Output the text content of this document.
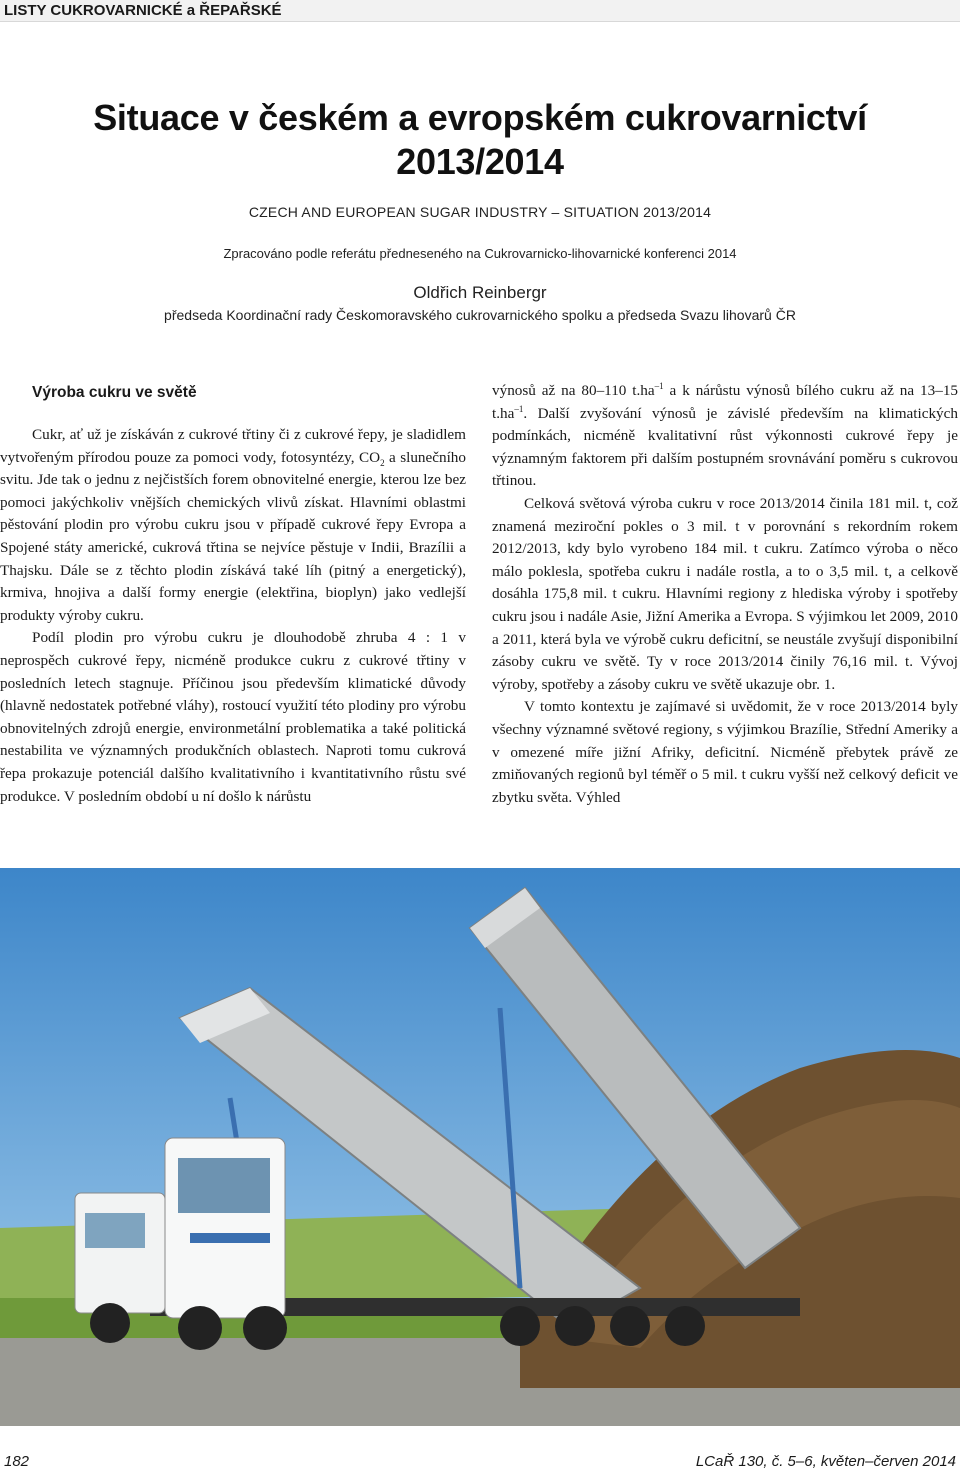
LISTY CUKROVARNICKÉ a ŘEPAŘSKÉ
Situace v českém a evropském cukrovarnictví
2013/2014
CZECH AND EUROPEAN SUGAR INDUSTRY – SITUATION 2013/2014
Zpracováno podle referátu předneseného na Cukrovarnicko-lihovarnické konferenci 2014
Oldřich Reinbergr
předseda Koordinační rady Českomoravského cukrovarnického spolku a předseda Svazu lihovarů ČR
Výroba cukru ve světě

Cukr, ať už je získáván z cukrové třtiny či z cukrové řepy, je sladidlem vytvořeným přírodou pouze za pomoci vody, fotosyntézy, $CO_2$ a slunečního svitu. Jde tak o jednu z nejčistších forem obnovitelné energie, kterou lze bez pomoci jakýchkoliv vnějších chemických vlivů získat. Hlavními oblastmi pěstování plodin pro výrobu cukru jsou v případě cukrové řepy Evropa a Spojené státy americké, cukrová třtina se nejvíce pěstuje v Indii, Brazílii a Thajsku. Dále se z těchto plodin získává také líh (pitný a energetický), krmiva, hnojiva a další formy energie (elektřina, bioplyn) jako vedlejší produkty výroby cukru.

Podíl plodin pro výrobu cukru je dlouhodobě zhruba 4 : 1 v neprospěch cukrové řepy, nicméně produkce cukru z cukrové třtiny v posledních letech stagnuje. Příčinou jsou především klimatické důvody (hlavně nedostatek potřebné vláhy), rostoucí využití této plodiny pro výrobu obnovitelných zdrojů energie, environmetální problematika a také politická nestabilita ve významných produkčních oblastech. Naproti tomu cukrová řepa prokazuje potenciál dalšího kvalitativního i kvantitativního růstu své produkce. V posledním období u ní došlo k nárůstu

výnosů až na 80–110 $t.ha^{-1}$ a k nárůstu výnosů bílého cukru až na 13–15 $t.ha^{-1}$. Další zvyšování výnosů je závislé především na klimatických podmínkách, nicméně kvalitativní růst výkonnosti cukrové řepy je významným faktorem při dalším postupném srovnávání poměru s cukrovou třtinou.

Celková světová výroba cukru v roce 2013/2014 činila 181 mil. t, což znamená meziroční pokles o 3 mil. t v porovnání s rekordním rokem 2012/2013, kdy bylo vyrobeno 184 mil. t cukru. Zatímco výroba o něco málo poklesla, spotřeba cukru i nadále rostla, a to o 3,5 mil. t, a celkově dosáhla 175,8 mil. t cukru. Hlavními regiony z hlediska výroby i spotřeby cukru jsou i nadále Asie, Jižní Amerika a Evropa. S výjimkou let 2009, 2010 a 2011, která byla ve výrobě cukru deficitní, se neustále zvyšují disponibilní zásoby cukru ve světě. Ty v roce 2013/2014 činily 76,16 mil. t. Vývoj výroby, spotřeby a zásoby cukru ve světě ukazuje obr. 1.

V tomto kontextu je zajímavé si uvědomit, že v roce 2013/2014 byly všechny významné světové regiony, s výjimkou Brazílie, Střední Ameriky a v omezené míře jižní Afriky, deficitní. Nicméně přebytek právě ze zmiňovaných regionů byl téměř o 5 mil. t cukru vyšší než celkový deficit ve zbytku světa. Výhled

182	LCaŘ 130, č. 5–6, květen–červen 2014
